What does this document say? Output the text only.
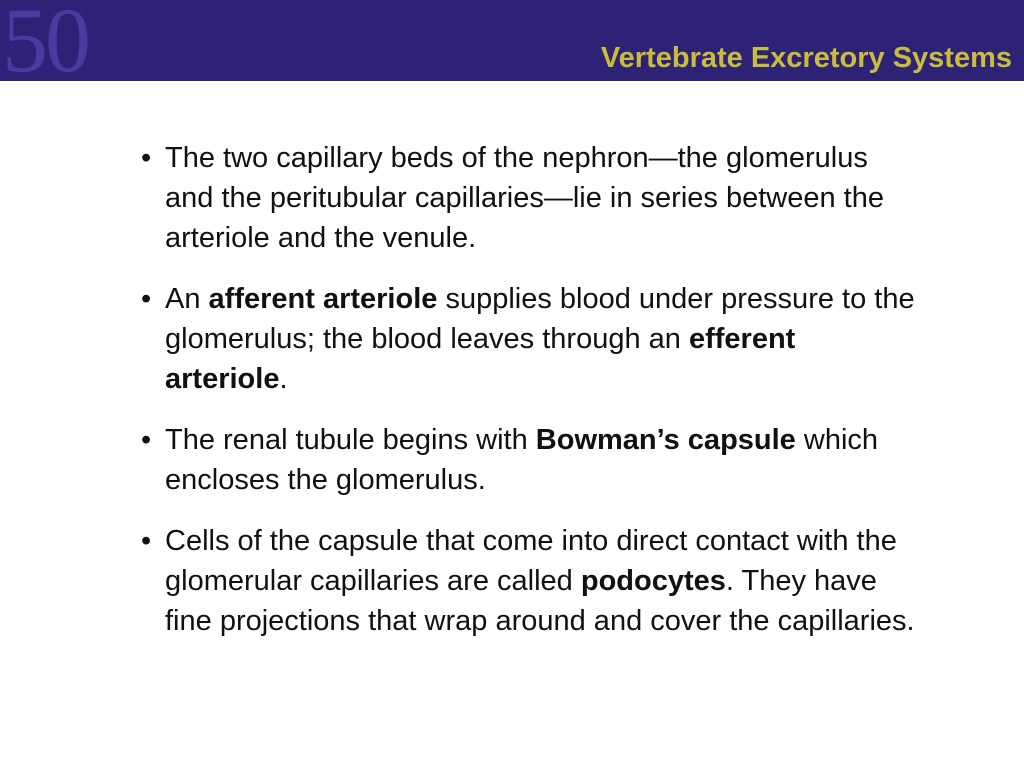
50	Vertebrate Excretory Systems
• The two capillary beds of the nephron—the glomerulus and the peritubular capillaries—lie in series between the arteriole and the venule.
• An afferent arteriole supplies blood under pressure to the glomerulus; the blood leaves through an efferent arteriole.
• The renal tubule begins with Bowman’s capsule which encloses the glomerulus.
• Cells of the capsule that come into direct contact with the glomerular capillaries are called podocytes. They have fine projections that wrap around and cover the capillaries.
